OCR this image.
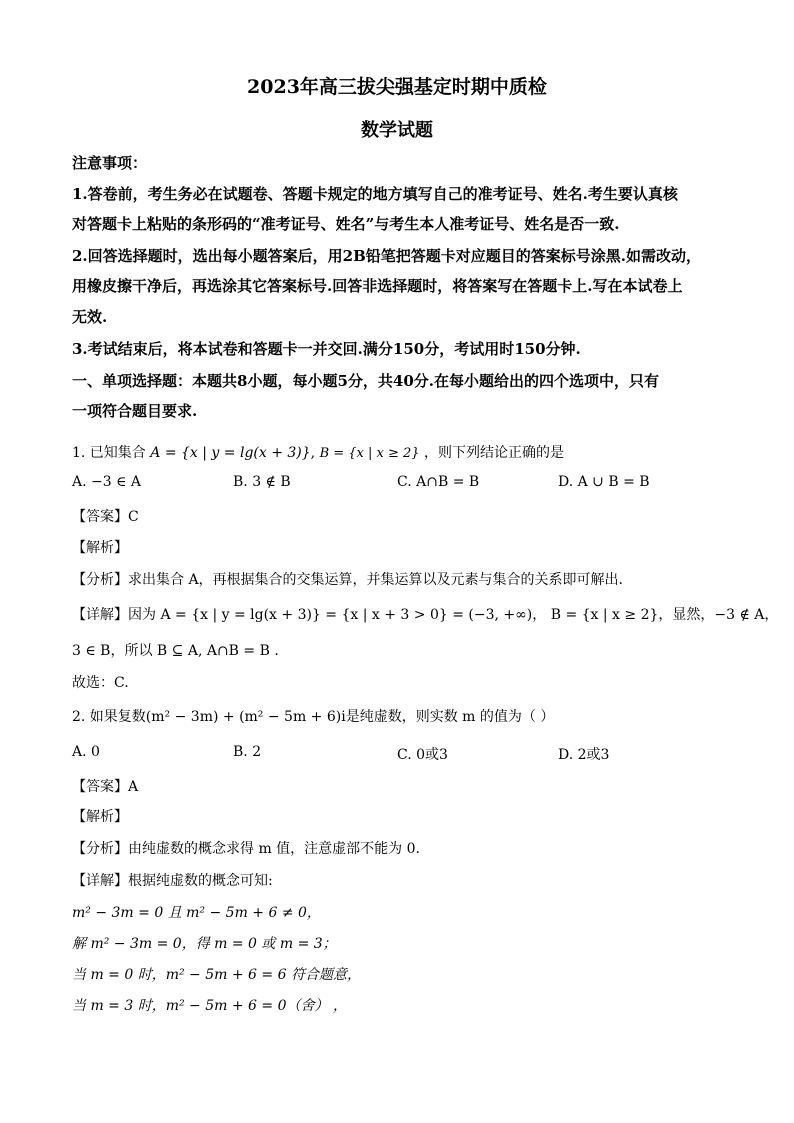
2023年高三拔尖强基定时期中质检
数学试题
注意事项：
1.答卷前，考生务必在试题卷、答题卡规定的地方填写自己的准考证号、姓名.考生要认真核
对答题卡上粘贴的条形码的“准考证号、姓名”与考生本人准考证号、姓名是否一致.
2.回答选择题时，选出每小题答案后，用2B铅笔把答题卡对应题目的答案标号涂黑.如需改动，
用橡皮擦干净后，再选涂其它答案标号.回答非选择题时，将答案写在答题卡上.写在本试卷上
无效.
3.考试结束后，将本试卷和答题卡一并交回.满分150分，考试用时150分钟.
一、单项选择题：本题共8小题，每小题5分，共40分.在每小题给出的四个选项中，只有
一项符合题目要求.
1. 已知集合 A = {x | y = lg(x + 3)}, B = {x | x ≥ 2} ，则下列结论正确的是
A. −3 ∈ A	B. 3 ∉ B	C. A∩B = B	D. A ∪ B = B
【答案】C
【解析】
【分析】求出集合 A，再根据集合的交集运算，并集运算以及元素与集合的关系即可解出.
【详解】因为 A = {x | y = lg(x + 3)} = {x | x + 3 > 0} = (−3, +∞)， B = {x | x ≥ 2}，显然，−3 ∉ A，
3 ∈ B，所以 B ⊆ A, A∩B = B .
故选：C.
2. 如果复数(m² − 3m) + (m² − 5m + 6)i是纯虚数，则实数 m 的值为（ ）
A. 0	B. 2	C. 0或3	D. 2或3
【答案】A
【解析】
【分析】由纯虚数的概念求得 m 值，注意虚部不能为 0.
【详解】根据纯虚数的概念可知:
m² − 3m = 0 且 m² − 5m + 6 ≠ 0，
解 m² − 3m = 0，得 m = 0 或 m = 3；
当 m = 0 时，m² − 5m + 6 = 6 符合题意，
当 m = 3 时，m² − 5m + 6 = 0（舍） ，
